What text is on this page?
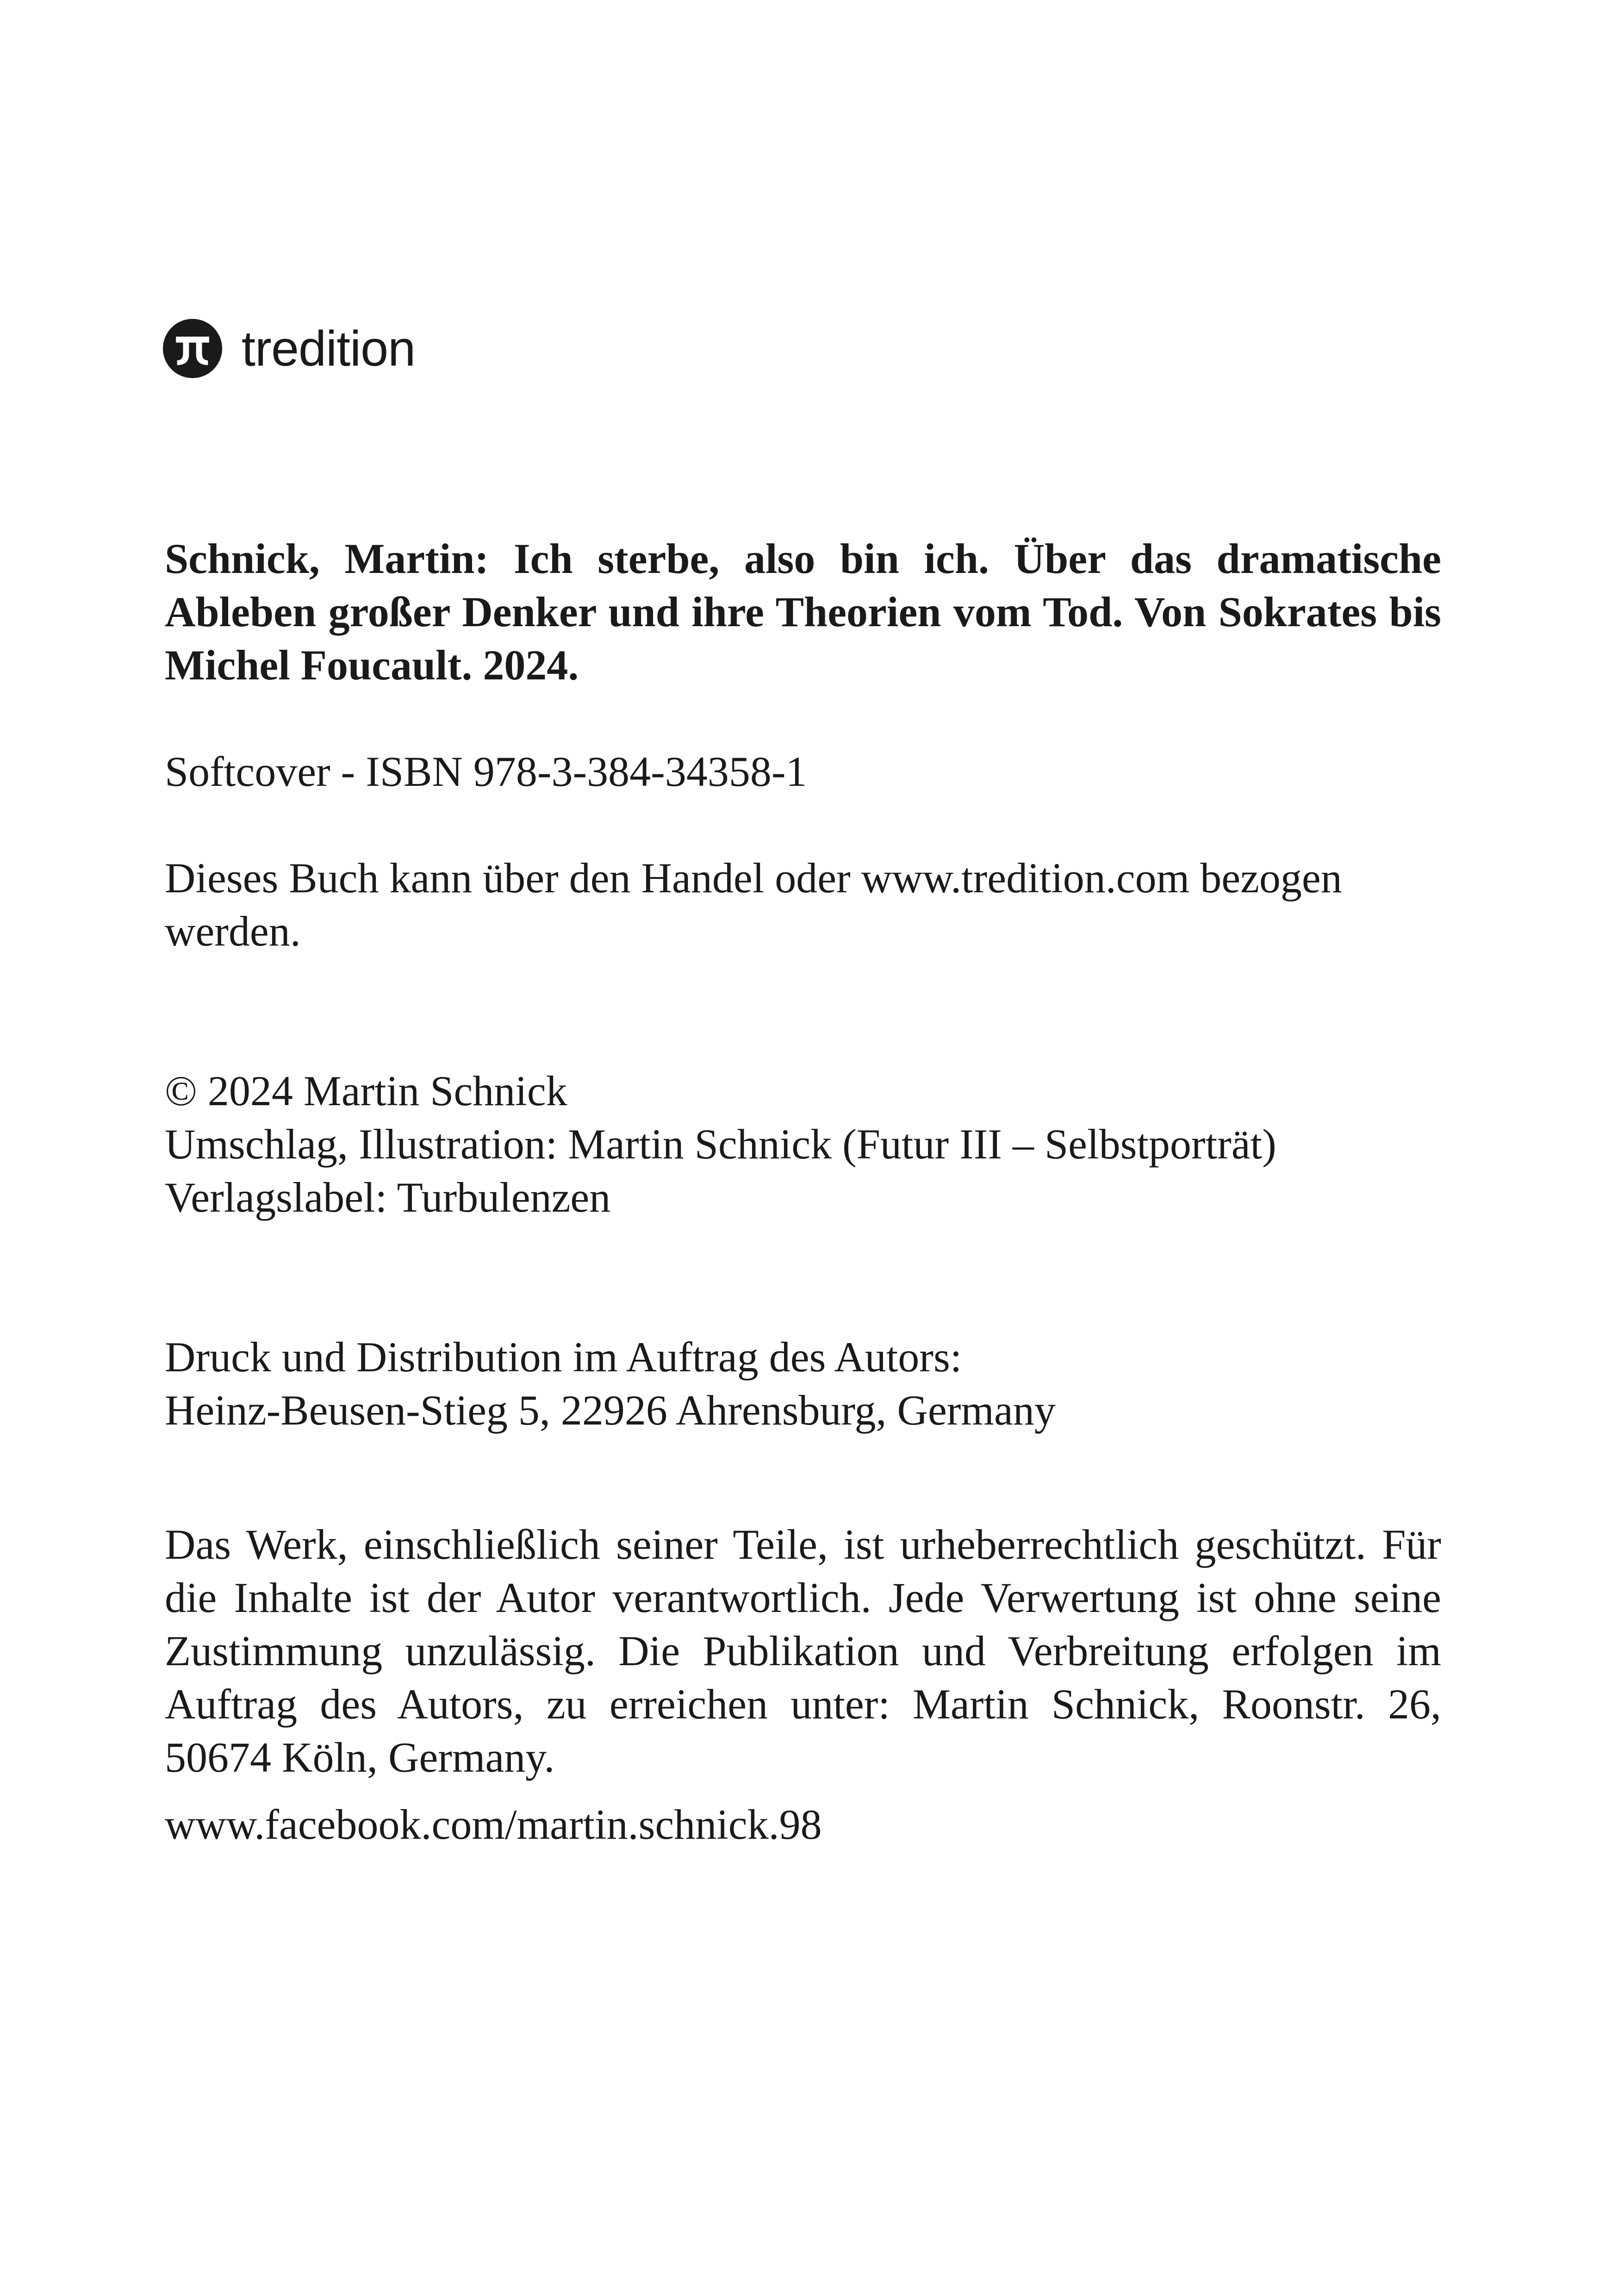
tredition

Schnick, Martin: Ich sterbe, also bin ich. Über das dramatische Ableben großer Denker und ihre Theorien vom Tod. Von Sokrates bis Michel Foucault. 2024.

Softcover - ISBN 978-3-384-34358-1

Dieses Buch kann über den Handel oder www.tredition.com bezogen werden.

© 2024 Martin Schnick
Umschlag, Illustration: Martin Schnick (Futur III – Selbstporträt)
Verlagslabel: Turbulenzen
Druck und Distribution im Auftrag des Autors:
Heinz-Beusen-Stieg 5, 22926 Ahrensburg, Germany

Das Werk, einschließlich seiner Teile, ist urheberrechtlich geschützt. Für die Inhalte ist der Autor verantwortlich. Jede Verwertung ist ohne seine Zustimmung unzulässig. Die Publikation und Verbreitung erfolgen im Auftrag des Autors, zu erreichen unter: Martin Schnick, Roonstr. 26, 50674 Köln, Germany.

www.facebook.com/martin.schnick.98
